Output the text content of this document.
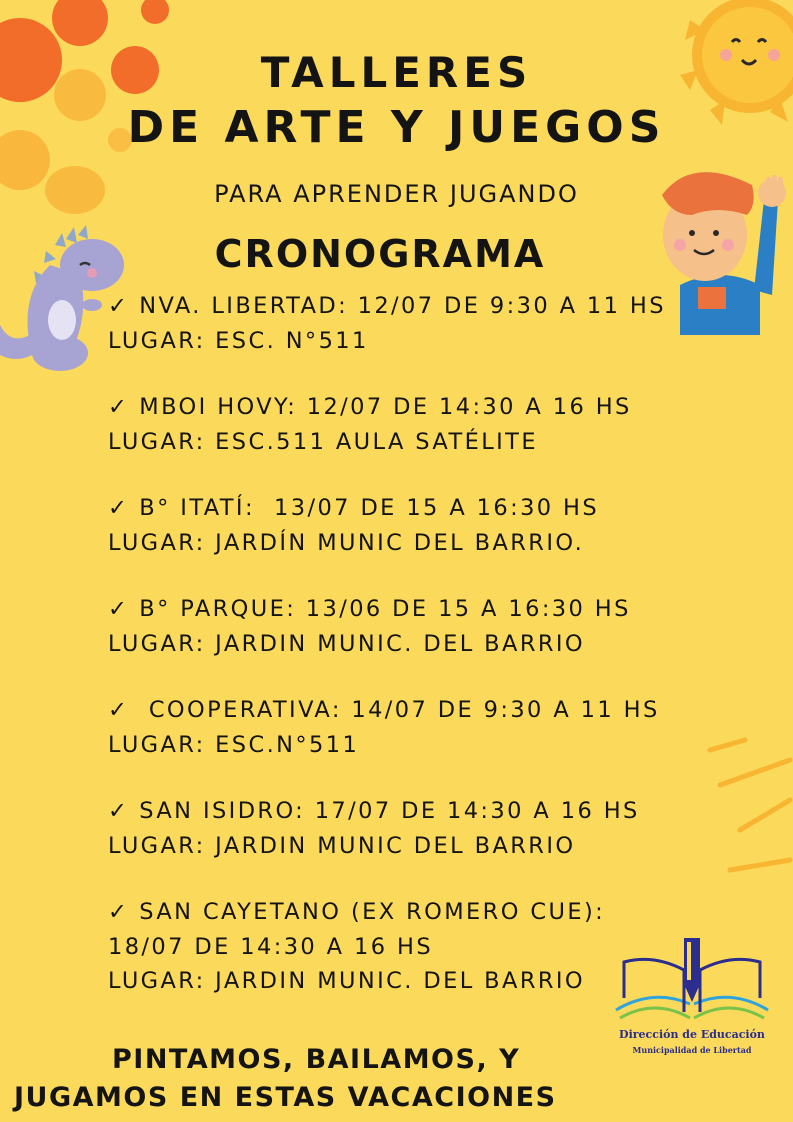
TALLERES
DE ARTE Y JUEGOS
PARA APRENDER JUGANDO
CRONOGRAMA
✓ NVA. LIBERTAD: 12/07 DE 9:30 A 11 HS
LUGAR: ESC. N°511
✓ MBOI HOVY: 12/07 DE 14:30 A 16 HS
LUGAR: ESC.511 AULA SATÉLITE
✓ B° ITATÍ:  13/07 DE 15 A 16:30 HS
LUGAR: JARDÍN MUNIC DEL BARRIO.
✓ B° PARQUE: 13/06 DE 15 A 16:30 HS
LUGAR: JARDIN MUNIC. DEL BARRIO
✓ COOPERATIVA: 14/07 DE 9:30 A 11 HS
LUGAR: ESC.N°511
✓ SAN ISIDRO: 17/07 DE 14:30 A 16 HS
LUGAR: JARDIN MUNIC DEL BARRIO
✓ SAN CAYETANO (EX ROMERO CUE):
18/07 DE 14:30 A 16 HS
LUGAR: JARDIN MUNIC. DEL BARRIO
PINTAMOS, BAILAMOS, Y
JUGAMOS EN ESTAS VACACIONES
Dirección de Educación
Municipalidad de Libertad
